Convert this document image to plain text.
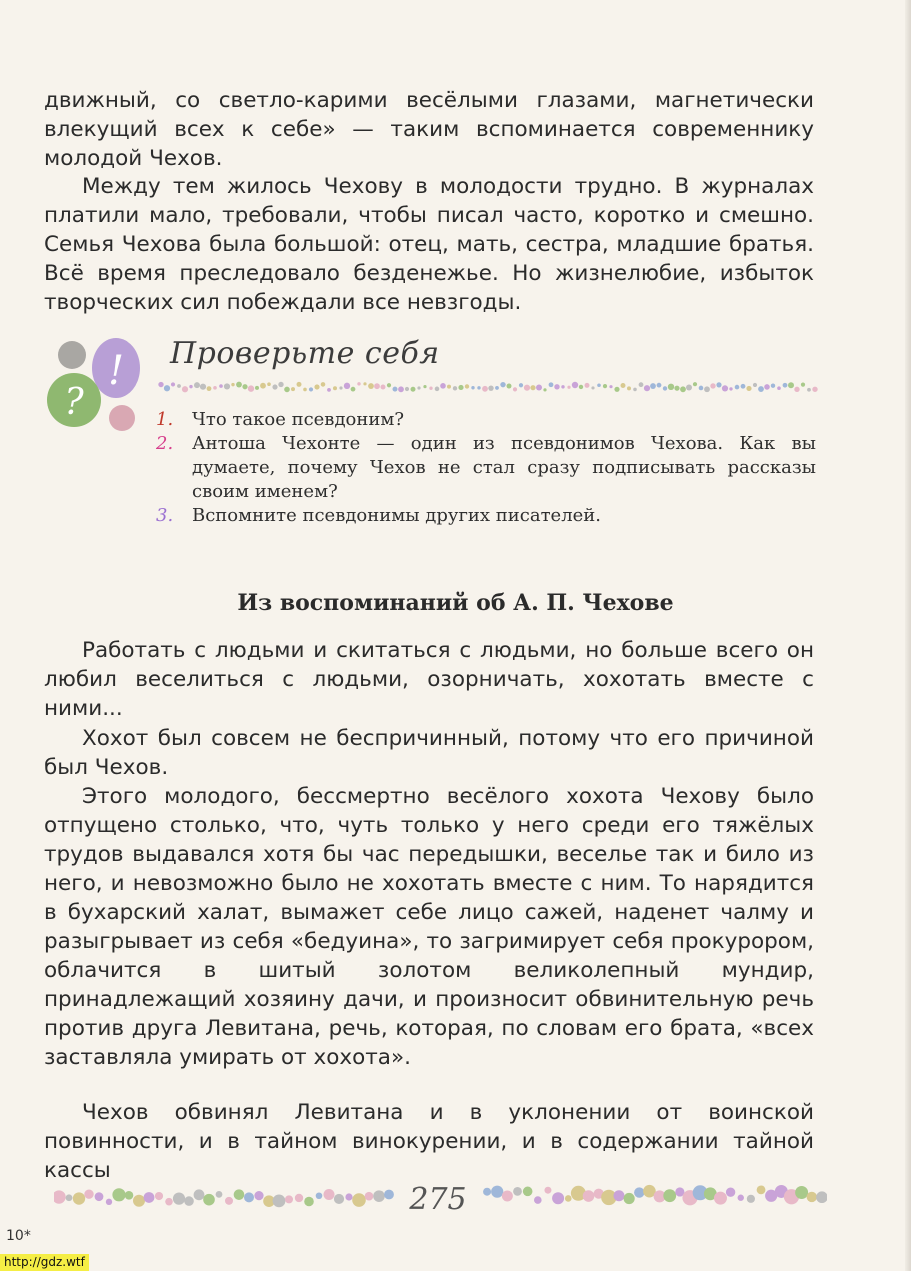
движный, со светло-карими весёлыми глазами, магнетически влекущий всех к себе» — таким вспоминается современнику молодой Чехов.

Между тем жилось Чехову в молодости трудно. В журналах платили мало, требовали, чтобы писал часто, коротко и смешно. Семья Чехова была большой: отец, мать, сестра, младшие братья. Всё время преследовало безденежье. Но жизнелюбие, избыток творческих сил побеждали все невзгоды.

!
?
Проверьте себя
1. Что такое псевдоним?
2. Антоша Чехонте — один из псевдонимов Чехова. Как вы думаете, почему Чехов не стал сразу подписывать рассказы своим именем?
3. Вспомните псевдонимы других писателей.
Из воспоминаний об А. П. Чехове

Работать с людьми и скитаться с людьми, но больше всего он любил веселиться с людьми, озорничать, хохотать вместе с ними...

Хохот был совсем не беспричинный, потому что его причиной был Чехов.

Этого молодого, бессмертно весёлого хохота Чехову было отпущено столько, что, чуть только у него среди его тяжёлых трудов выдавался хотя бы час передышки, веселье так и било из него, и невозможно было не хохотать вместе с ним. То нарядится в бухарский халат, вымажет себе лицо сажей, наденет чалму и разыгрывает из себя «бедуина», то загримирует себя прокурором, облачится в шитый золотом великолепный мундир, принадлежащий хозяину дачи, и произносит обвинительную речь против друга Левитана, речь, которая, по словам его брата, «всех заставляла умирать от хохота».

Чехов обвинял Левитана и в уклонении от воинской повинности, и в тайном винокурении, и в содержании тайной кассы

275
10*
http://gdz.wtf
